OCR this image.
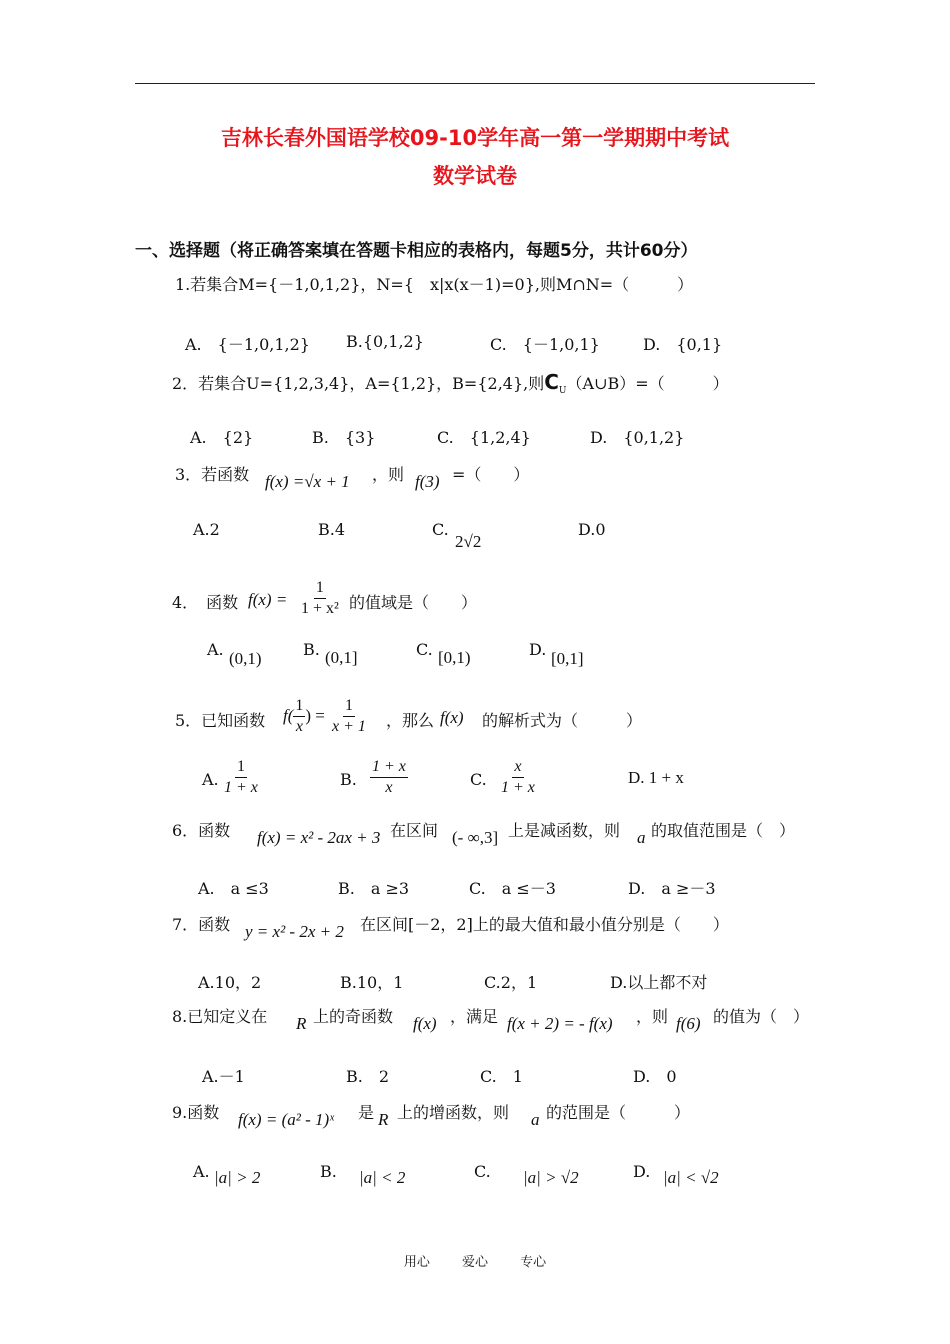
吉林长春外国语学校09-10学年高一第一学期期中考试
数学试卷
一、选择题（将正确答案填在答题卡相应的表格内，每题5分，共计60分）
1.若集合M={－1,0,1,2}，N={　x|x(x－1)=0},则M∩N=（　　　）
A.　{－1,0,1,2} B.{0,1,2}	C.　{－1,0,1}	D.　{0,1}
2．若集合U={1,2,3,4}，A={1,2}，B={2,4},则$C_U(A\cup B)=$（　　　）
A.　{2}	B.　{3}	C.　{1,2,4}	D.　{0,1,2}
3．若函数 f(x) =√x + 1 ，则 f(3) =（　　）
A.2	B.4	C.
2√2
D.0
4．　函数 $f(x) = \frac{1}{\text{1 + x²}}$ 的值域是（　　）
A. (0,1)	B. (0,1]	C. [0,1)	D. [0,1]
5．已知函数 $f( \frac{1}{x}$ ) = $\frac{1}{x + 1}$ ，那么 f(x) 的解析式为（　　　）
A. $\frac{1}{1 + x}$	B. $\frac{1 + x}{x}$	C. $\frac{x}{1 + x}$	D. 1 + x
6．函数 f(x) = x² - 2ax + 3 在区间 (- ∞,3] 上是减函数，则 a 的取值范围是（　）
A.　a ≤3	B.　a ≥3	C.　a ≤－3	D.　a ≥－3
7．函数 y = x² - 2x + 2 在区间[－2，2]上的最大值和最小值分别是（　　）
A.10，2	B.10，1	C.2，1	D.以上都不对
8.已知定义在 R 上的奇函数 f(x) ，满足 f(x + 2) = - f(x) ，则 f(6) 的值为（　）
A.－1	B.　2	C.　1	D.　0
9.函数 f(x) = (a² - 1)ˣ 是 R 上的增函数，则 a 的范围是（　　　）
A. |a| > 2	B. |a| < 2	C. |a| > √2	D. |a| < √2
用心 爱心 专心
